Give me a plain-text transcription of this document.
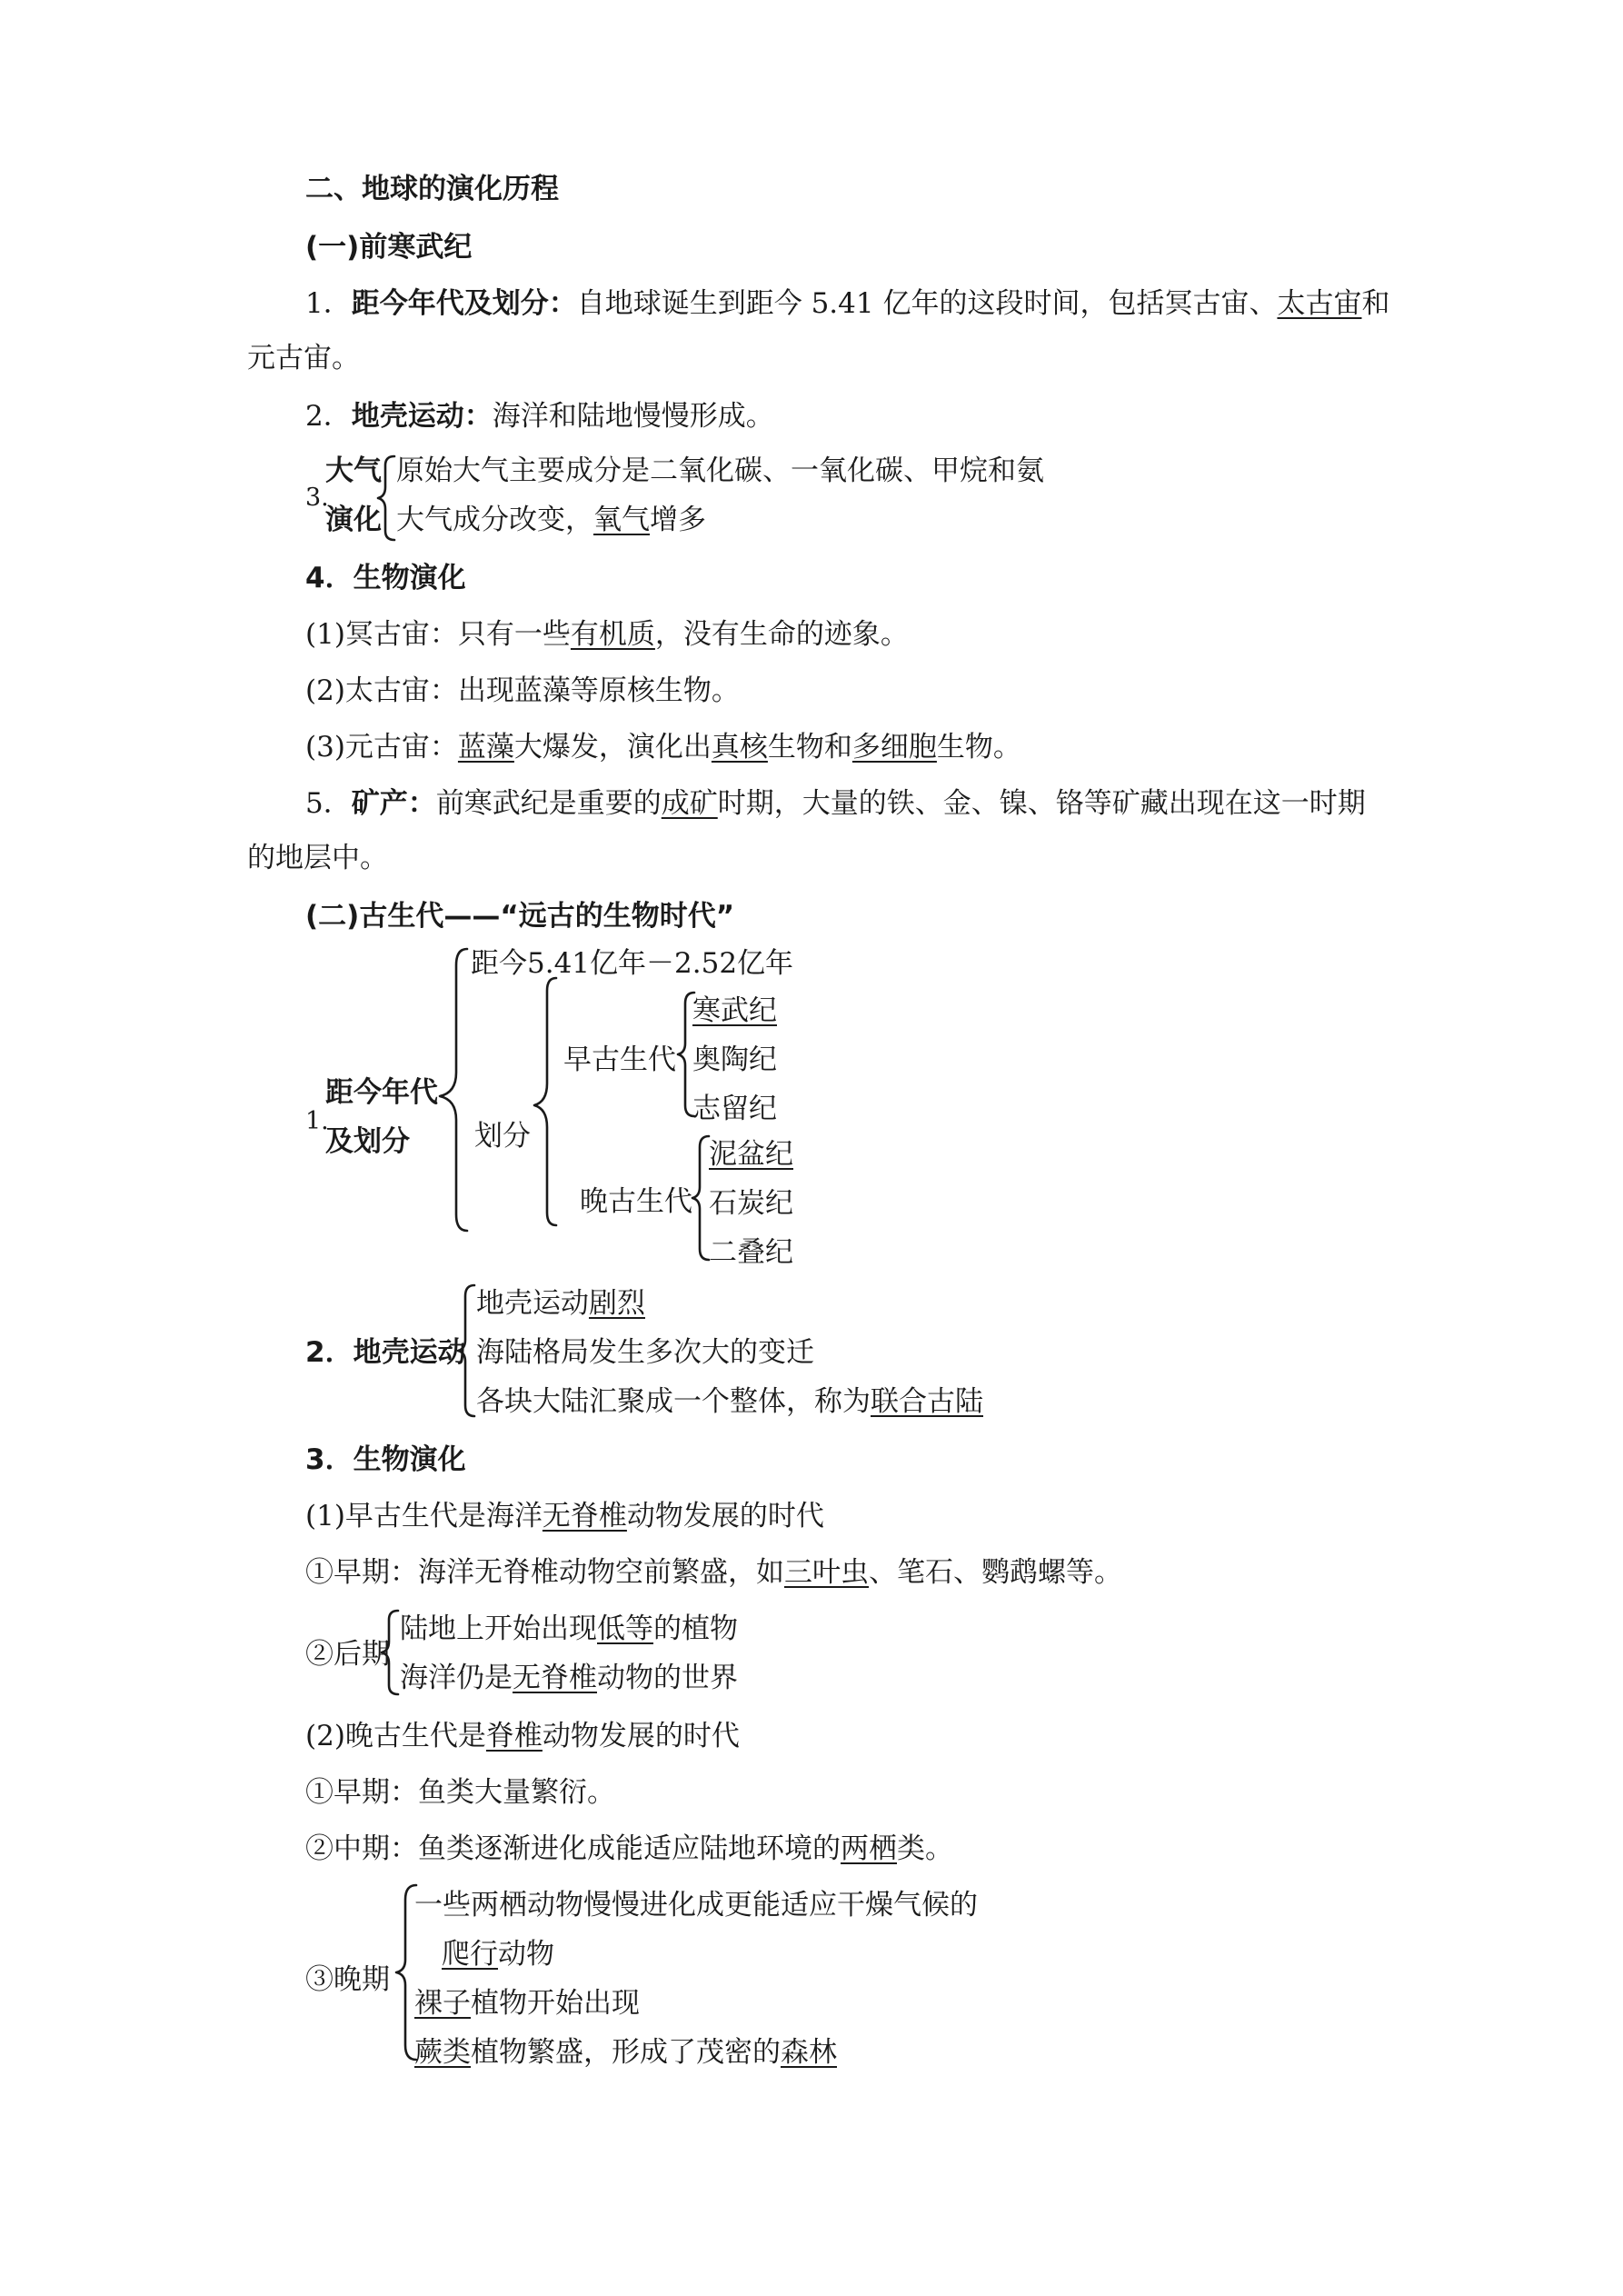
二、地球的演化历程
(一)前寒武纪
1．距今年代及划分：自地球诞生到距今 5.41 亿年的这段时间，包括冥古宙、太古宙和
元古宙。
2．地壳运动：海洋和陆地慢慢形成。
3.
大气
演化
原始大气主要成分是二氧化碳、一氧化碳、甲烷和氨
大气成分改变，氧气增多
4．生物演化
(1)冥古宙：只有一些有机质，没有生命的迹象。
(2)太古宙：出现蓝藻等原核生物。
(3)元古宙：蓝藻大爆发，演化出真核生物和多细胞生物。
5．矿产：前寒武纪是重要的成矿时期，大量的铁、金、镍、铬等矿藏出现在这一时期
的地层中。
(二)古生代——“远古的生物时代”
1.
距今年代
及划分
距今5.41亿年－2.52亿年
划分
早古生代
寒武纪
奥陶纪
志留纪
晚古生代
泥盆纪
石炭纪
二叠纪
2．地壳运动
地壳运动剧烈
海陆格局发生多次大的变迁
各块大陆汇聚成一个整体，称为联合古陆
3．生物演化
(1)早古生代是海洋无脊椎动物发展的时代
①早期：海洋无脊椎动物空前繁盛，如三叶虫、笔石、鹦鹉螺等。
②后期
陆地上开始出现低等的植物
海洋仍是无脊椎动物的世界
(2)晚古生代是脊椎动物发展的时代
①早期：鱼类大量繁衍。
②中期：鱼类逐渐进化成能适应陆地环境的两栖类。
③晚期
一些两栖动物慢慢进化成更能适应干燥气候的
爬行动物
裸子植物开始出现
蕨类植物繁盛，形成了茂密的森林
